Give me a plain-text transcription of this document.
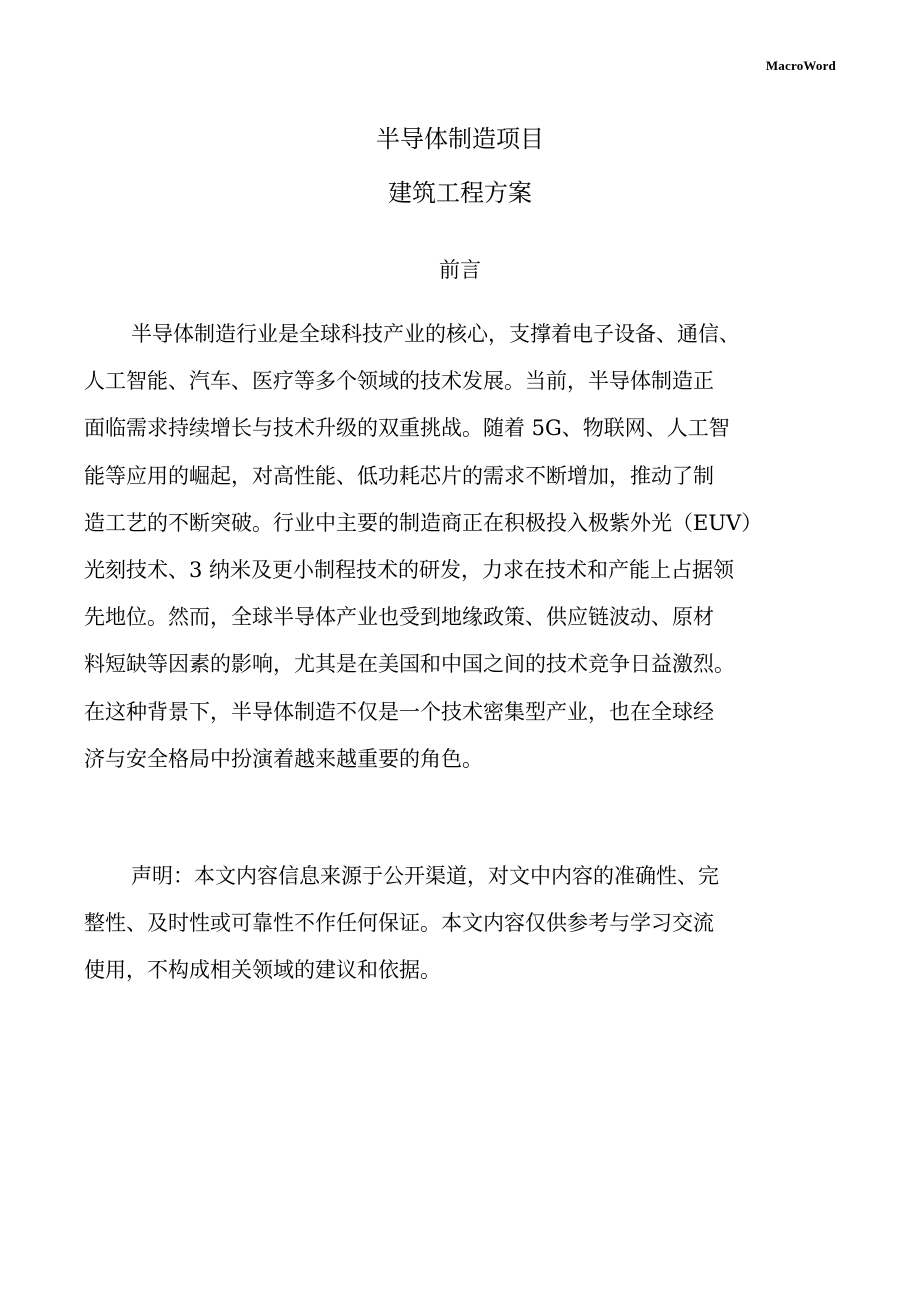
MacroWord
半导体制造项目
建筑工程方案
前言

半导体制造行业是全球科技产业的核心，支撑着电子设备、通信、
人工智能、汽车、医疗等多个领域的技术发展。当前，半导体制造正
面临需求持续增长与技术升级的双重挑战。随着 5G、物联网、人工智
能等应用的崛起，对高性能、低功耗芯片的需求不断增加，推动了制
造工艺的不断突破。行业中主要的制造商正在积极投入极紫外光（EUV）
光刻技术、3 纳米及更小制程技术的研发，力求在技术和产能上占据领
先地位。然而，全球半导体产业也受到地缘政策、供应链波动、原材
料短缺等因素的影响，尤其是在美国和中国之间的技术竞争日益激烈。
在这种背景下，半导体制造不仅是一个技术密集型产业，也在全球经
济与安全格局中扮演着越来越重要的角色。

声明：本文内容信息来源于公开渠道，对文中内容的准确性、完
整性、及时性或可靠性不作任何保证。本文内容仅供参考与学习交流
使用，不构成相关领域的建议和依据。
